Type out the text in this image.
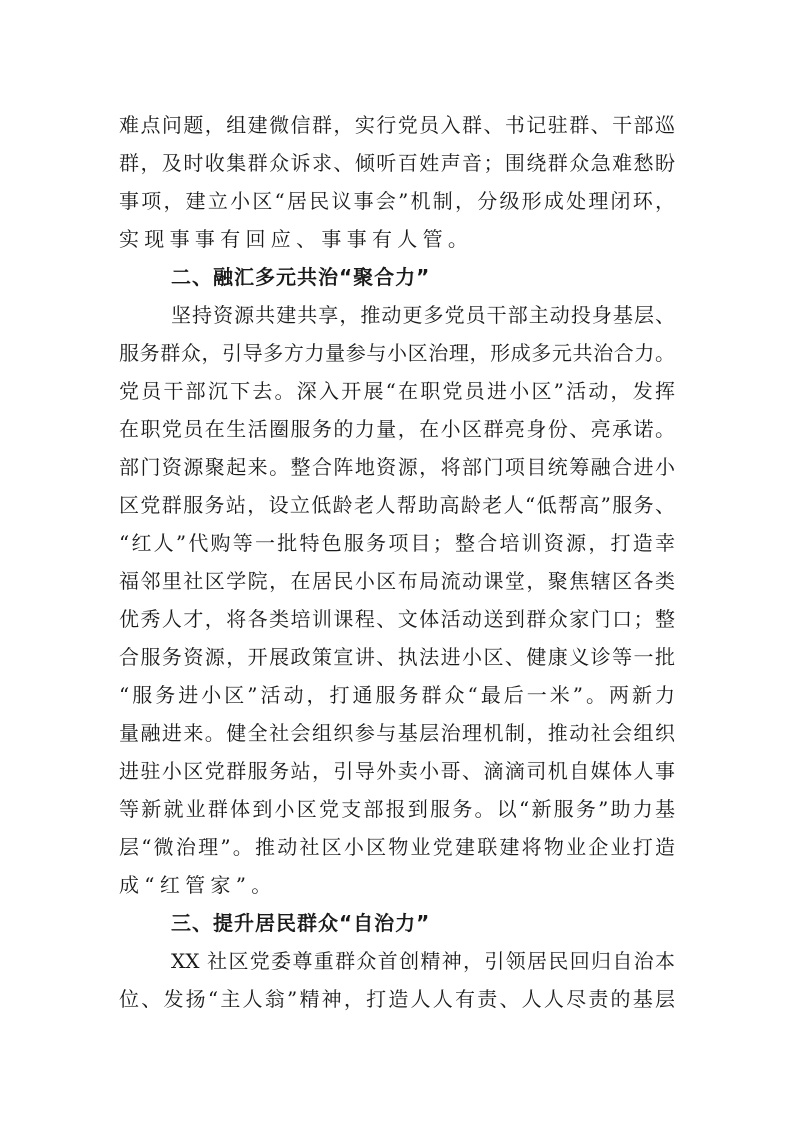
难点问题，组建微信群，实行党员入群、书记驻群、干部巡
群，及时收集群众诉求、倾听百姓声音；围绕群众急难愁盼
事项，建立小区“居民议事会”机制，分级形成处理闭环，
实现事事有回应、事事有人管。
二、融汇多元共治“聚合力”
坚持资源共建共享，推动更多党员干部主动投身基层、
服务群众，引导多方力量参与小区治理，形成多元共治合力。
党员干部沉下去。深入开展“在职党员进小区”活动，发挥
在职党员在生活圈服务的力量，在小区群亮身份、亮承诺。
部门资源聚起来。整合阵地资源，将部门项目统筹融合进小
区党群服务站，设立低龄老人帮助高龄老人“低帮高”服务、
“红人”代购等一批特色服务项目；整合培训资源，打造幸
福邻里社区学院，在居民小区布局流动课堂，聚焦辖区各类
优秀人才，将各类培训课程、文体活动送到群众家门口；整
合服务资源，开展政策宣讲、执法进小区、健康义诊等一批
“服务进小区”活动，打通服务群众“最后一米”。两新力
量融进来。健全社会组织参与基层治理机制，推动社会组织
进驻小区党群服务站，引导外卖小哥、滴滴司机自媒体人事
等新就业群体到小区党支部报到服务。以“新服务”助力基
层“微治理”。推动社区小区物业党建联建将物业企业打造
成“红管家”。
三、提升居民群众“自治力”
XX 社区党委尊重群众首创精神，引领居民回归自治本
位、发扬“主人翁”精神，打造人人有责、人人尽责的基层
